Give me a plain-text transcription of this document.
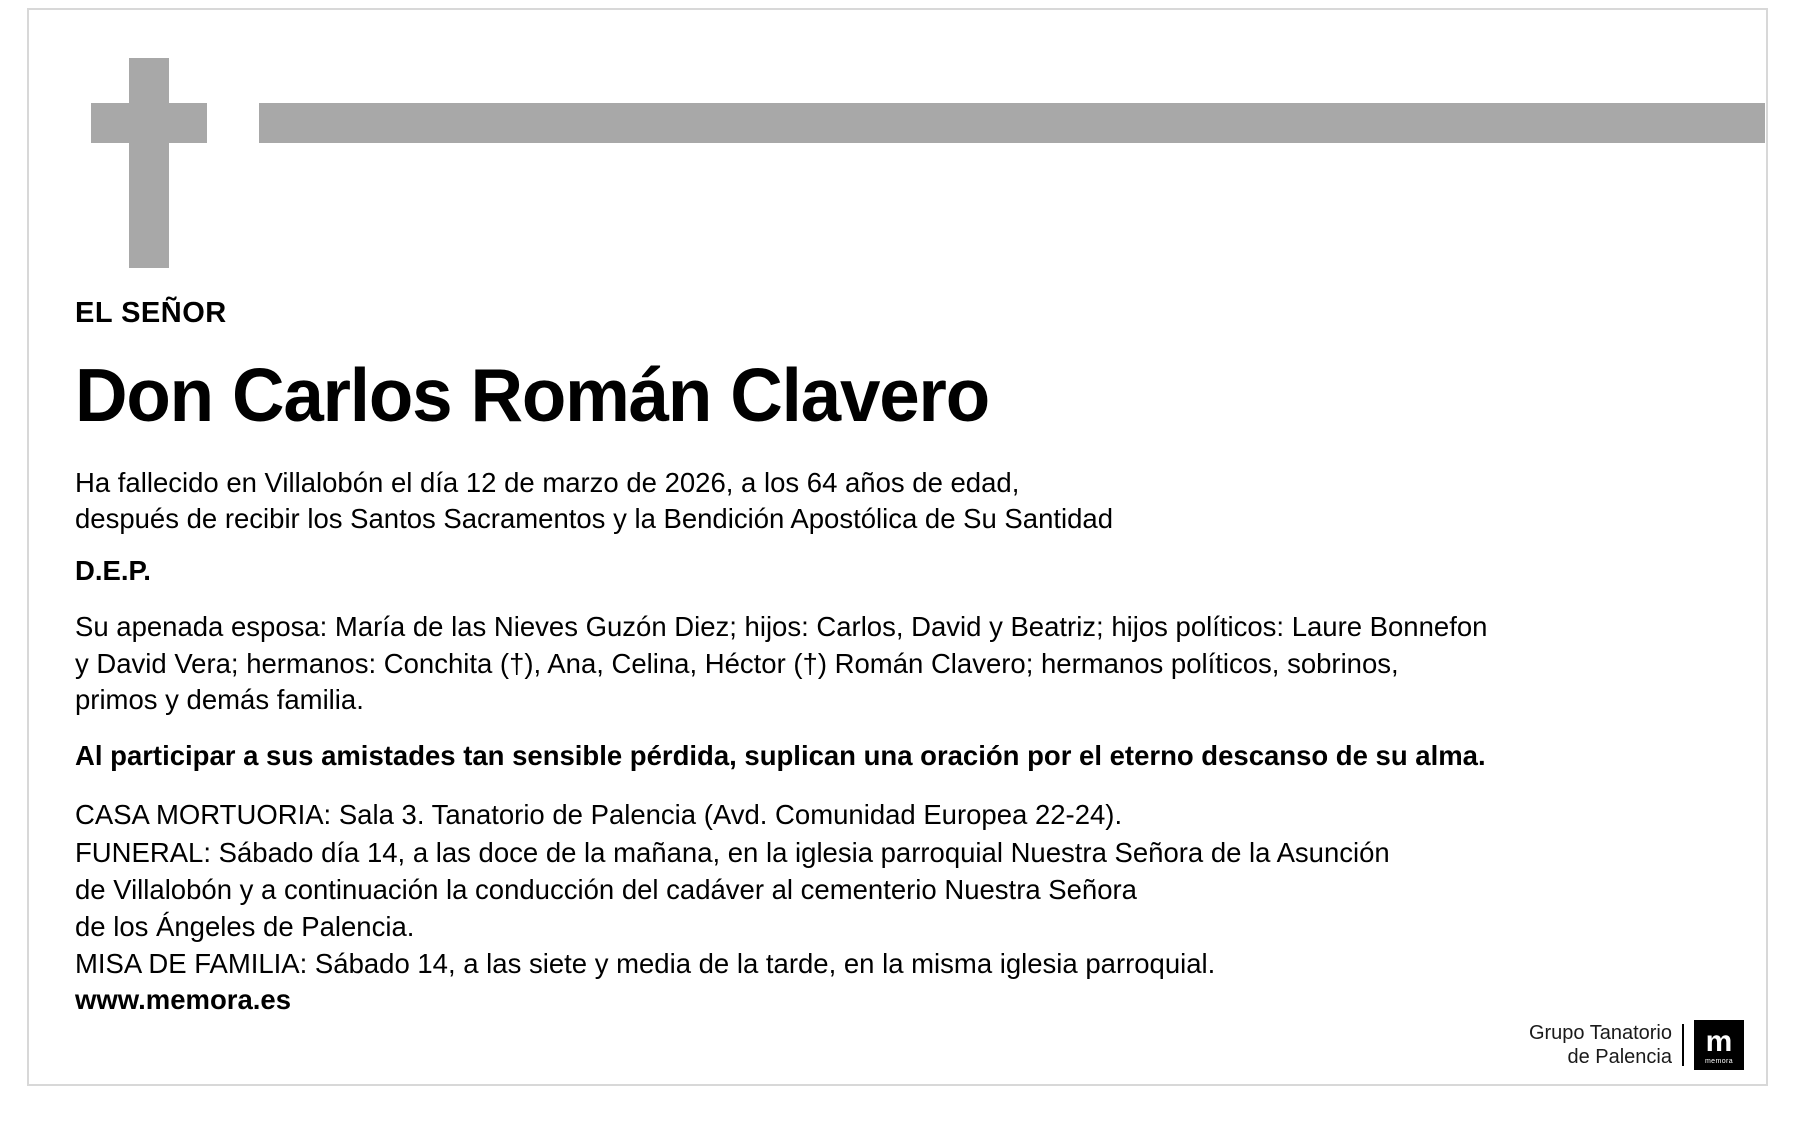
EL SEÑOR

Don Carlos Román Clavero

Ha fallecido en Villalobón el día 12 de marzo de 2026, a los 64 años de edad,
después de recibir los Santos Sacramentos y la Bendición Apostólica de Su Santidad

D.E.P.

Su apenada esposa: María de las Nieves Guzón Diez; hijos: Carlos, David y Beatriz; hijos políticos: Laure Bonnefon
y David Vera; hermanos: Conchita (†), Ana, Celina, Héctor (†) Román Clavero; hermanos políticos, sobrinos,
primos y demás familia.

Al participar a sus amistades tan sensible pérdida, suplican una oración por el eterno descanso de su alma.

CASA MORTUORIA: Sala 3. Tanatorio de Palencia (Avd. Comunidad Europea 22-24).
FUNERAL: Sábado día 14, a las doce de la mañana, en la iglesia parroquial Nuestra Señora de la Asunción
de Villalobón y a continuación la conducción del cadáver al cementerio Nuestra Señora
de los Ángeles de Palencia.
MISA DE FAMILIA: Sábado 14, a las siete y media de la tarde, en la misma iglesia parroquial.

www.memora.es

Grupo Tanatorio
de Palencia m
memora
